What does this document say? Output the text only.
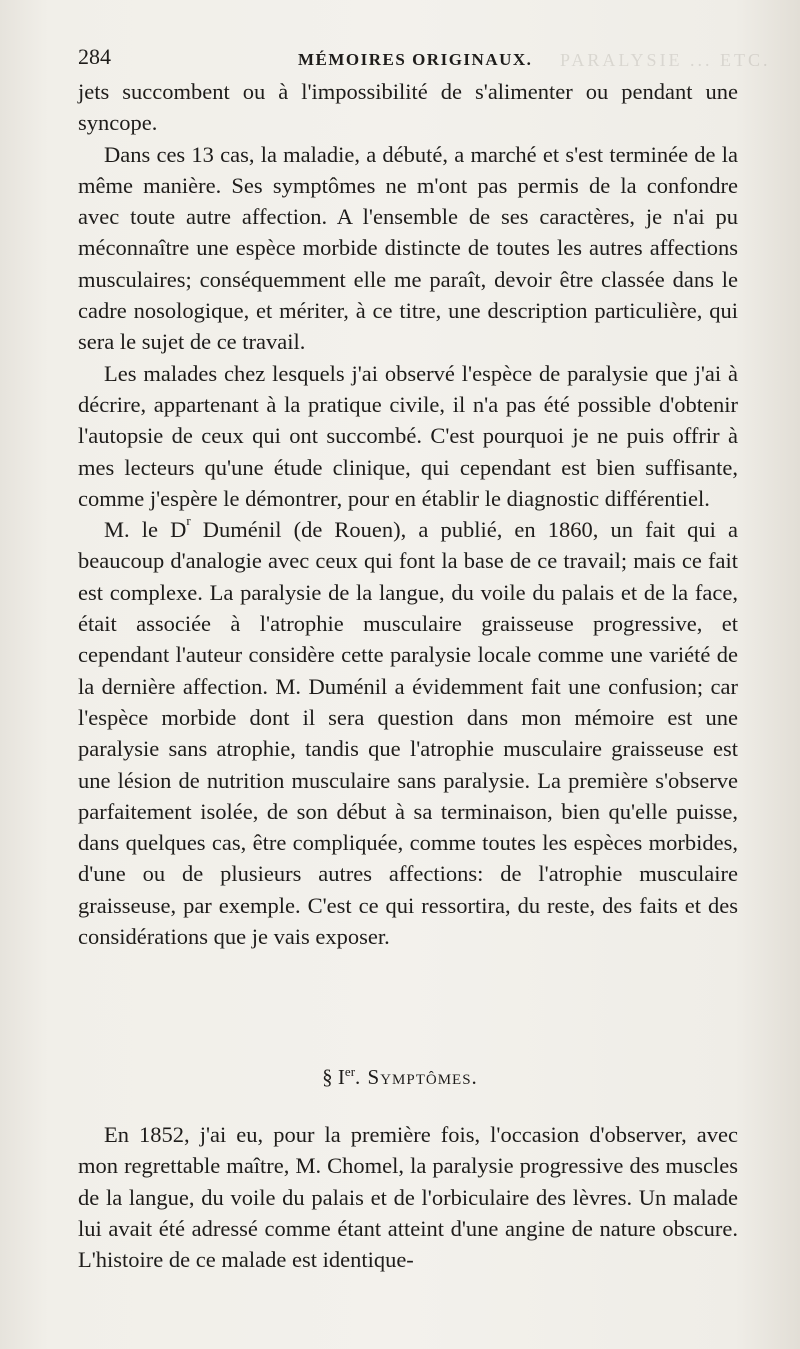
PARALYSIE ... ETC.
284	MÉMOIRES ORIGINAUX.

jets succombent ou à l'impossibilité de s'alimenter ou pendant une syncope.

Dans ces 13 cas, la maladie, a débuté, a marché et s'est terminée de la même manière. Ses symptômes ne m'ont pas permis de la confondre avec toute autre affection. A l'ensemble de ses caractères, je n'ai pu méconnaître une espèce morbide distincte de toutes les autres affections musculaires; conséquemment elle me paraît, devoir être classée dans le cadre nosologique, et mériter, à ce titre, une description particulière, qui sera le sujet de ce travail.

Les malades chez lesquels j'ai observé l'espèce de paralysie que j'ai à décrire, appartenant à la pratique civile, il n'a pas été possible d'obtenir l'autopsie de ceux qui ont succombé. C'est pourquoi je ne puis offrir à mes lecteurs qu'une étude clinique, qui cependant est bien suffisante, comme j'espère le démontrer, pour en établir le diagnostic différentiel.

M. le $D^r$ Duménil (de Rouen), a publié, en 1860, un fait qui a beaucoup d'analogie avec ceux qui font la base de ce travail; mais ce fait est complexe. La paralysie de la langue, du voile du palais et de la face, était associée à l'atrophie musculaire graisseuse progressive, et cependant l'auteur considère cette paralysie locale comme une variété de la dernière affection. M. Duménil a évidemment fait une confusion; car l'espèce morbide dont il sera question dans mon mémoire est une paralysie sans atrophie, tandis que l'atrophie musculaire graisseuse est une lésion de nutrition musculaire sans paralysie. La première s'observe parfaitement isolée, de son début à sa terminaison, bien qu'elle puisse, dans quelques cas, être compliquée, comme toutes les espèces morbides, d'une ou de plusieurs autres affections: de l'atrophie musculaire graisseuse, par exemple. C'est ce qui ressortira, du reste, des faits et des considérations que je vais exposer.

§ Ier. Symptômes.

En 1852, j'ai eu, pour la première fois, l'occasion d'observer, avec mon regrettable maître, M. Chomel, la paralysie progressive des muscles de la langue, du voile du palais et de l'orbiculaire des lèvres. Un malade lui avait été adressé comme étant atteint d'une angine de nature obscure. L'histoire de ce malade est identique-
